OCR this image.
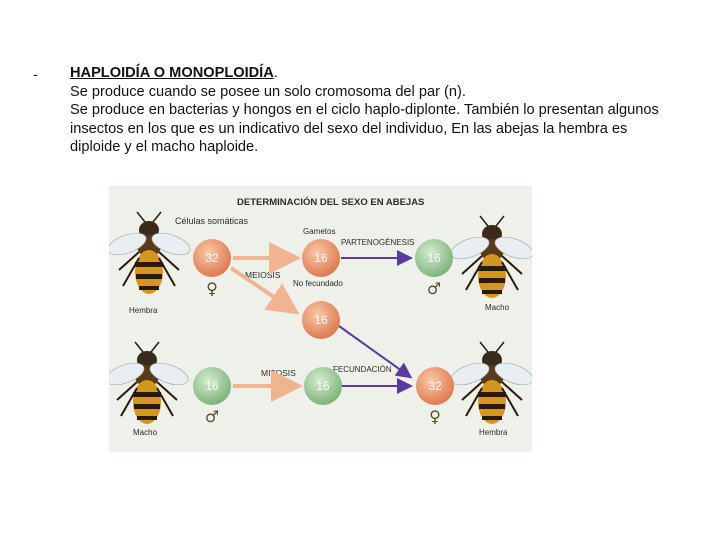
- HAPLOIDÍA O MONOPLOIDÍA.

Se produce cuando se posee un solo cromosoma del par (n).

Se produce en bacterias y hongos en el ciclo haplo-diplonte. También lo presentan algunos insectos en los que es un indicativo del sexo del individuo, En las abejas la hembra es diploide y el macho haploide.

DETERMINACIÓN DEL SEXO EN ABEJAS
Células somáticas
Gametos
PARTENOGÉNESIS
MEIOSIS
No fecundado
MITOSIS	FECUNDACIÓN
Hembra	Macho
Macho	Hembra
32	16	16
16
16	16	32
♀	♂
♂	♀
